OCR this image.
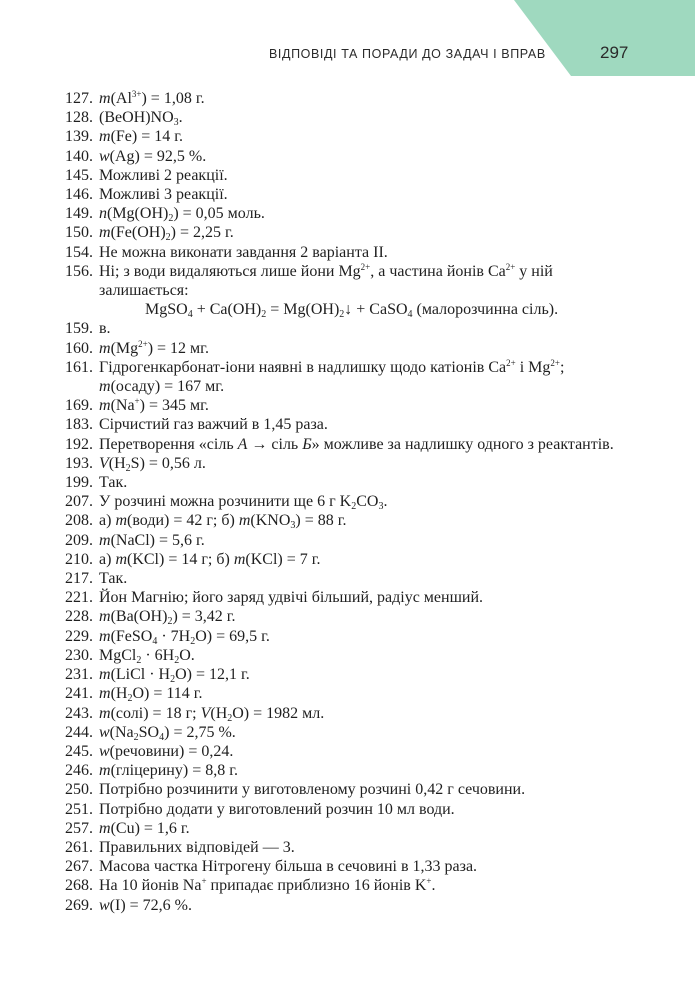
ВІДПОВІДІ ТА ПОРАДИ ДО ЗАДАЧ І ВПРАВ	297
127. $m(Al^{3+}) = 1,08$ г.
128. $(BeOH)NO_3$.
139. m(Fe) = 14 г.
140. w(Ag) = 92,5 %.
145. Можливі 2 реакції.
146. Можливі 3 реакції.
149. $n(Mg(OH)_2) = 0,05$ моль.
150. $m(Fe(OH)_2) = 2,25$ г.
154. Не можна виконати завдання 2 варіанта II.
156. Ні; з води видаляються лише йони $Mg^{2+}$, а частина йонів $Ca^{2+}$ у ній залишається:
MgSO$_4$ + $Ca(OH)_2$ = $Mg(OH)_2↓$ + CaSO$_4$ (малорозчинна сіль).
159. в.
160. $m(Mg^{2+}) = 12$ мг.
161. Гідрогенкарбонат-іони наявні в надлишку щодо катіонів $Ca^{2+}$ і $Mg^{2+}$; m(осаду) = 167 мг.
169. m(Na+) = 345 мг.
183. Сірчистий газ важчий в 1,45 раза.
192. Перетворення «сіль А → сіль Б» можливе за надлишку одного з реактантів.
193. $V(H_2S) = 0,56$ л.
199. Так.
207. У розчині можна розчинити ще 6 г $K_2CO_3$.
208. а) m(води) = 42 г; б) $m(KNO_3) = 88$ г.
209. m(NaCl) = 5,6 г.
210. а) m(KCl) = 14 г; б) m(KCl) = 7 г.
217. Так.
221. Йон Магнію; його заряд удвічі більший, радіус менший.
228. $m(Ba(OH)_2) = 3,42$ г.
229. m(FeSO$_4$ · $7H_2O) = 69,5$ г.
230. MgCl$_2$ · $6H_2O$.
231. m(LiCl · $H_2O) = 12,1$ г.
241. $m(H_2O) = 114$ г.
243. m(солі) = 18 г; $V(H_2O) = 1982$ мл.
244. $w(Na_2SO_4) = 2,75$ %.
245. w(речовини) = 0,24.
246. m(гліцерину) = 8,8 г.
250. Потрібно розчинити у виготовленому розчині 0,42 г сечовини.
251. Потрібно додати у виготовлений розчин 10 мл води.
257. m(Cu) = 1,6 г.
261. Правильних відповідей — 3.
267. Масова частка Нітрогену більша в сечовині в 1,33 раза.
268. На 10 йонів Na+ припадає приблизно 16 йонів K+.
269. w(I) = 72,6 %.
